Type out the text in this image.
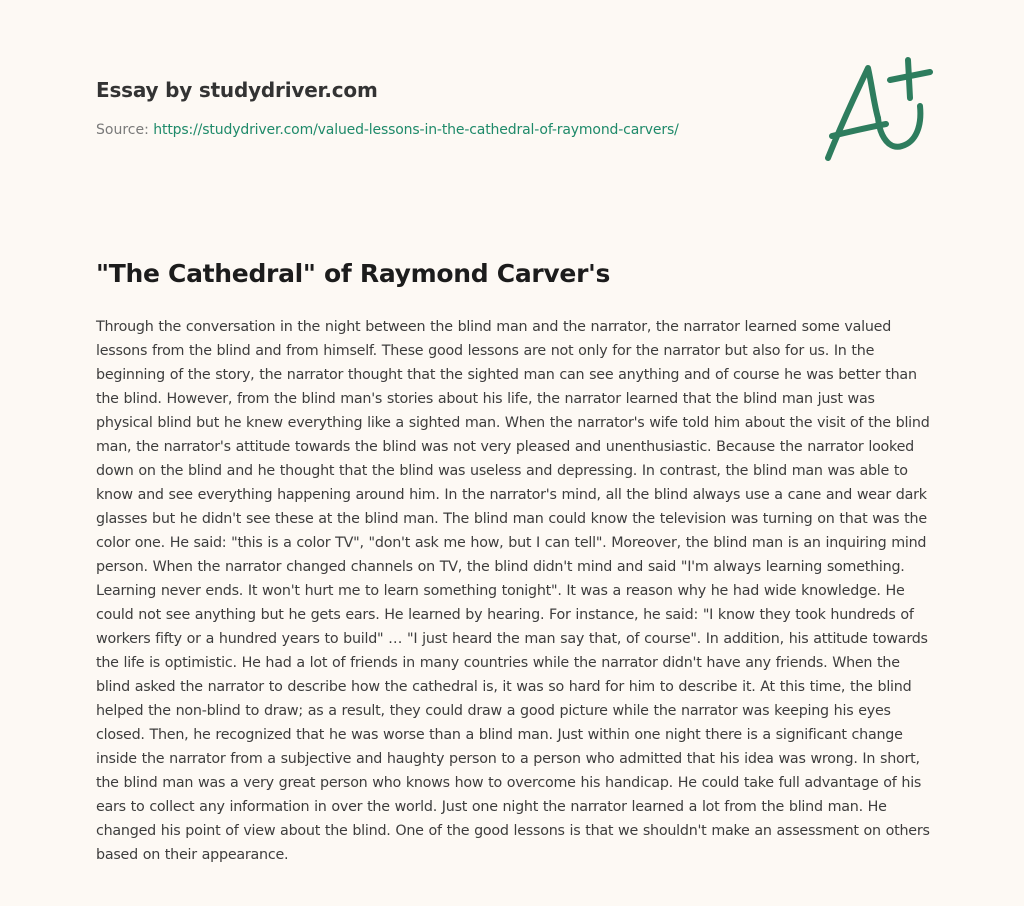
Essay by studydriver.com
Source: https://studydriver.com/valued-lessons-in-the-cathedral-of-raymond-carvers/
"The Cathedral" of Raymond Carver's

Through the conversation in the night between the blind man and the narrator, the narrator learned some valued lessons from the blind and from himself. These good lessons are not only for the narrator but also for us. In the beginning of the story, the narrator thought that the sighted man can see anything and of course he was better than the blind. However, from the blind man's stories about his life, the narrator learned that the blind man just was physical blind but he knew everything like a sighted man. When the narrator's wife told him about the visit of the blind man, the narrator's attitude towards the blind was not very pleased and unenthusiastic. Because the narrator looked down on the blind and he thought that the blind was useless and depressing. In contrast, the blind man was able to know and see everything happening around him. In the narrator's mind, all the blind always use a cane and wear dark glasses but he didn't see these at the blind man. The blind man could know the television was turning on that was the color one. He said: "this is a color TV", "don't ask me how, but I can tell". Moreover, the blind man is an inquiring mind person. When the narrator changed channels on TV, the blind didn't mind and said "I'm always learning something. Learning never ends. It won't hurt me to learn something tonight". It was a reason why he had wide knowledge. He could not see anything but he gets ears. He learned by hearing. For instance, he said: "I know they took hundreds of workers fifty or a hundred years to build" … "I just heard the man say that, of course". In addition, his attitude towards the life is optimistic. He had a lot of friends in many countries while the narrator didn't have any friends. When the blind asked the narrator to describe how the cathedral is, it was so hard for him to describe it. At this time, the blind helped the non-blind to draw; as a result, they could draw a good picture while the narrator was keeping his eyes closed. Then, he recognized that he was worse than a blind man. Just within one night there is a significant change inside the narrator from a subjective and haughty person to a person who admitted that his idea was wrong. In short, the blind man was a very great person who knows how to overcome his handicap. He could take full advantage of his ears to collect any information in over the world. Just one night the narrator learned a lot from the blind man. He changed his point of view about the blind. One of the good lessons is that we shouldn't make an assessment on others based on their appearance.
